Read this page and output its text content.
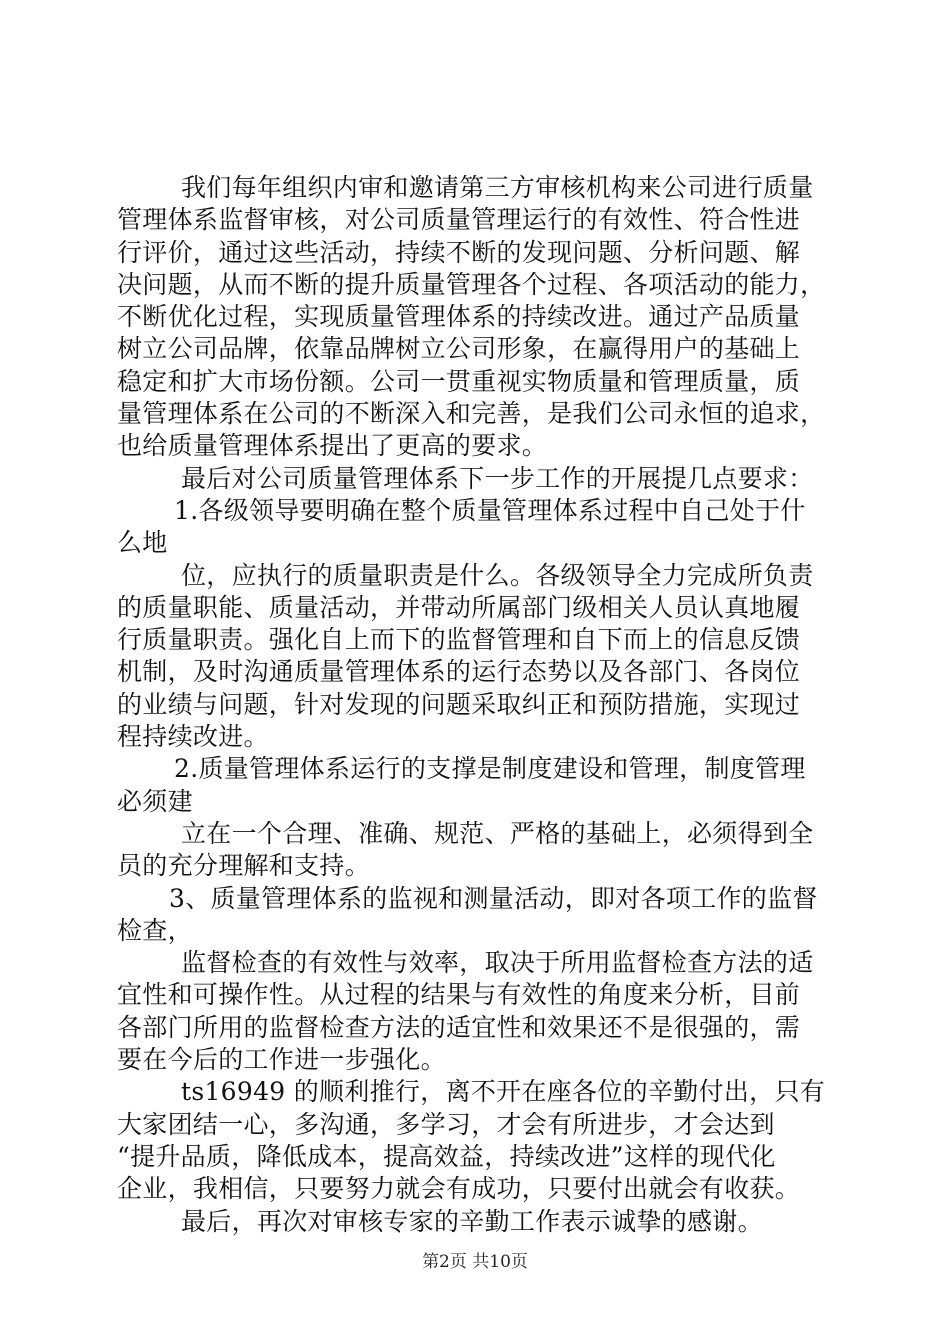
我们每年组织内审和邀请第三方审核机构来公司进行质量
管理体系监督审核，对公司质量管理运行的有效性、符合性进
行评价，通过这些活动，持续不断的发现问题、分析问题、解
决问题，从而不断的提升质量管理各个过程、各项活动的能力，
不断优化过程，实现质量管理体系的持续改进。通过产品质量
树立公司品牌，依靠品牌树立公司形象，在赢得用户的基础上
稳定和扩大市场份额。公司一贯重视实物质量和管理质量，质
量管理体系在公司的不断深入和完善，是我们公司永恒的追求，
也给质量管理体系提出了更高的要求。
最后对公司质量管理体系下一步工作的开展提几点要求：
1.各级领导要明确在整个质量管理体系过程中自己处于什
么地
位，应执行的质量职责是什么。各级领导全力完成所负责
的质量职能、质量活动，并带动所属部门级相关人员认真地履
行质量职责。强化自上而下的监督管理和自下而上的信息反馈
机制，及时沟通质量管理体系的运行态势以及各部门、各岗位
的业绩与问题，针对发现的问题采取纠正和预防措施，实现过
程持续改进。
2.质量管理体系运行的支撑是制度建设和管理，制度管理
必须建
立在一个合理、准确、规范、严格的基础上，必须得到全
员的充分理解和支持。
3、质量管理体系的监视和测量活动，即对各项工作的监督
检查，
监督检查的有效性与效率，取决于所用监督检查方法的适
宜性和可操作性。从过程的结果与有效性的角度来分析，目前
各部门所用的监督检查方法的适宜性和效果还不是很强的，需
要在今后的工作进一步强化。
ts16949 的顺利推行，离不开在座各位的辛勤付出，只有
大家团结一心，多沟通，多学习，才会有所进步，才会达到
“提升品质，降低成本，提高效益，持续改进”这样的现代化
企业，我相信，只要努力就会有成功，只要付出就会有收获。
最后，再次对审核专家的辛勤工作表示诚挚的感谢。
第2页 共10页
